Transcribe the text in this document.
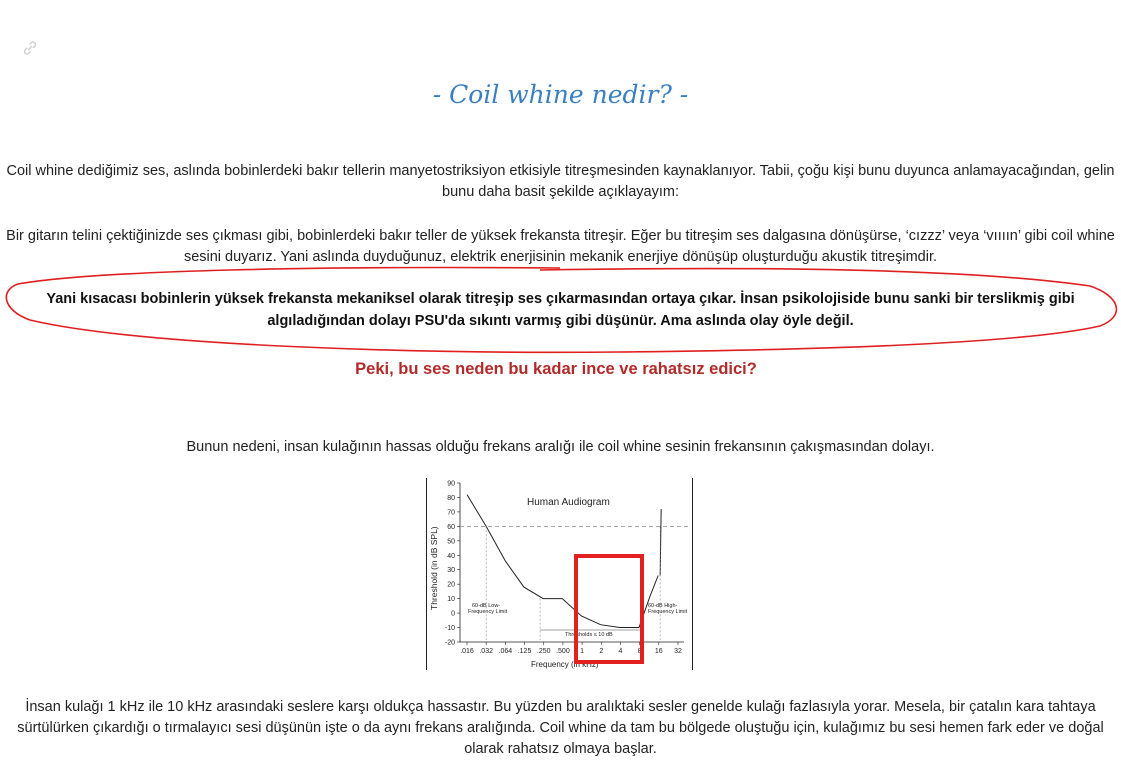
- Coil whine nedir? -
Coil whine dediğimiz ses, aslında bobinlerdeki bakır tellerin manyetostriksiyon etkisiyle titreşmesinden kaynaklanıyor. Tabii, çoğu kişi bunu duyunca anlamayacağından, gelin bunu daha basit şekilde açıklayayım:
Bir gitarın telini çektiğinizde ses çıkması gibi, bobinlerdeki bakır teller de yüksek frekansta titreşir. Eğer bu titreşim ses dalgasına dönüşürse, ‘cızzz’ veya ‘vıııın’ gibi coil whine sesini duyarız. Yani aslında duyduğunuz, elektrik enerjisinin mekanik enerjiye dönüşüp oluşturduğu akustik titreşimdir.
Yani kısacası bobinlerin yüksek frekansta mekaniksel olarak titreşip ses çıkarmasından ortaya çıkar. İnsan psikolojiside bunu sanki bir terslikmiş gibi algıladığından dolayı PSU'da sıkıntı varmış gibi düşünür. Ama aslında olay öyle değil.
Peki, bu ses neden bu kadar ince ve rahatsız edici?
Bunun nedeni, insan kulağının hassas olduğu frekans aralığı ile coil whine sesinin frekansının çakışmasından dolayı.
Human Audiogram
Threshold (in dB SPL)
Frequency (in kHz)
60-dB Low-
Frequency Limit
60-dB High-
Frequency Limit
Thresholds ≤ 10 dB
90
80
70
60
50
40
30
20
10
0
-10
-20
.016 .032 .064 .125 .250 .500 1 2 4 8 16 32
İnsan kulağı 1 kHz ile 10 kHz arasındaki seslere karşı oldukça hassastır. Bu yüzden bu aralıktaki sesler genelde kulağı fazlasıyla yorar. Mesela, bir çatalın kara tahtaya sürtülürken çıkardığı o tırmalayıcı sesi düşünün işte o da aynı frekans aralığında. Coil whine da tam bu bölgede oluştuğu için, kulağımız bu sesi hemen fark eder ve doğal olarak rahatsız olmaya başlar.
